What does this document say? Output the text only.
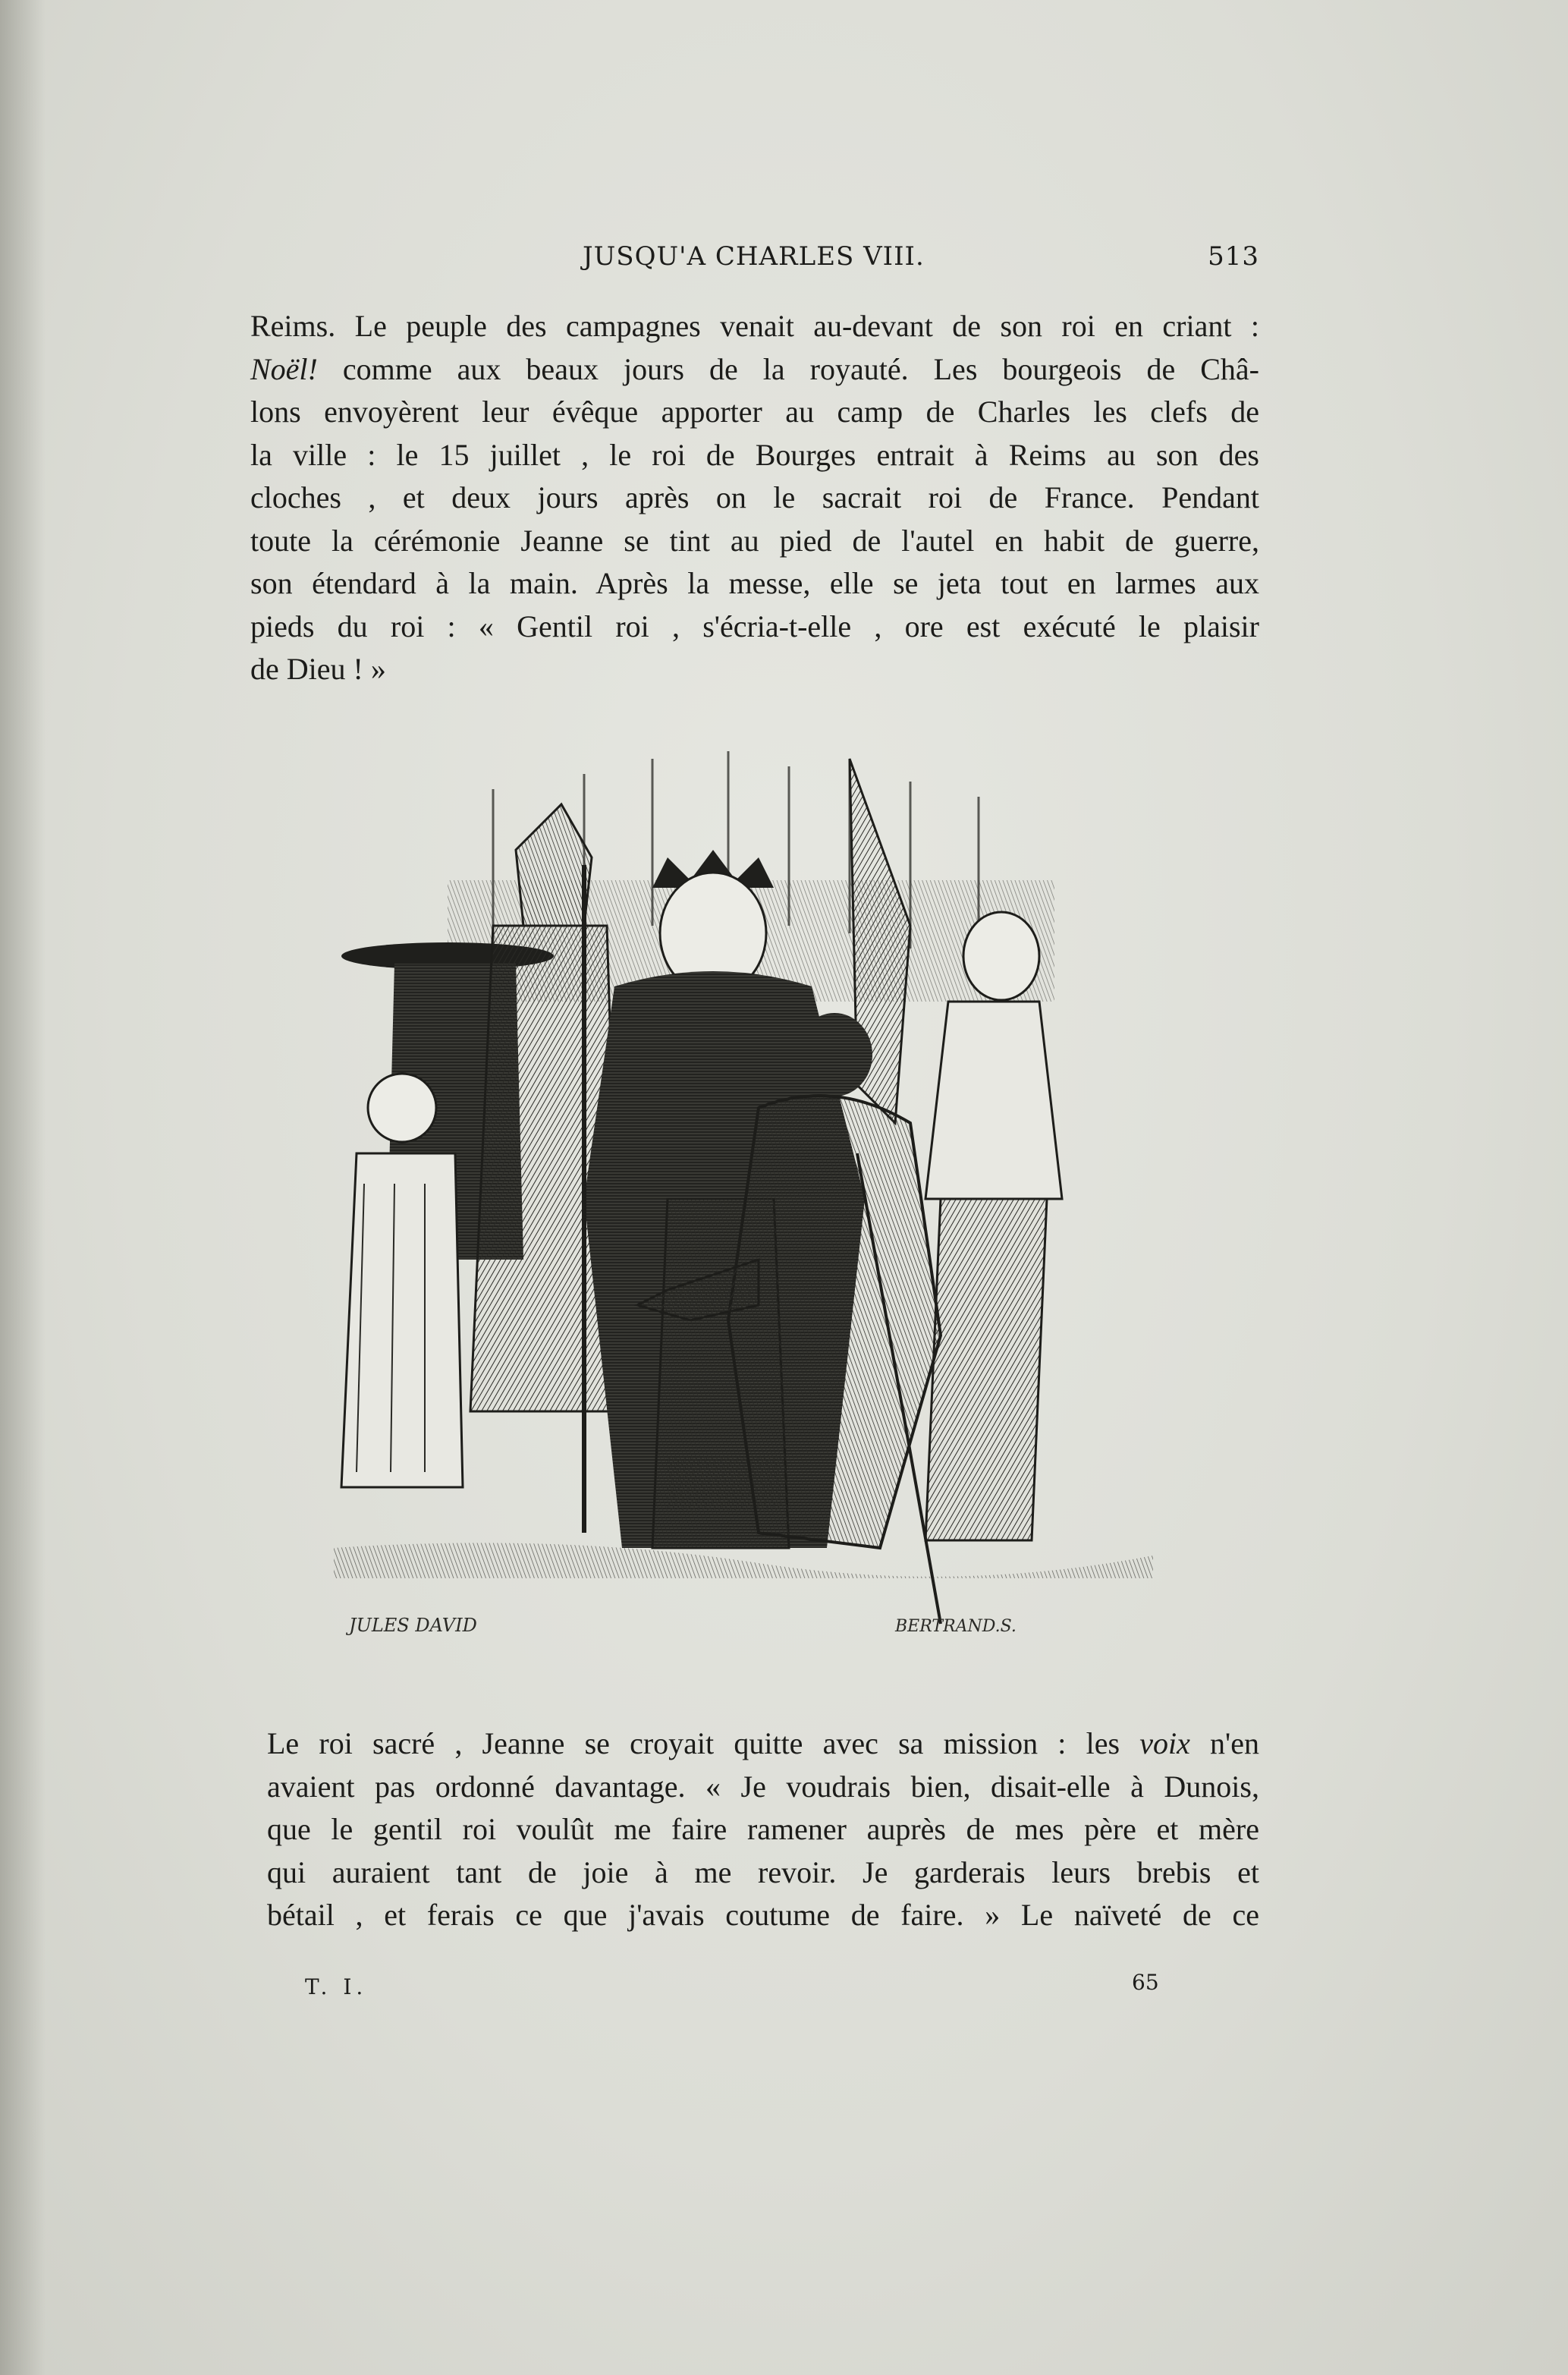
JUSQU'A CHARLES VIII.	513
Reims. Le peuple des campagnes venait au-devant de son roi en criant :
Noël! comme aux beaux jours de la royauté. Les bourgeois de Châ-
lons envoyèrent leur évêque apporter au camp de Charles les clefs de
la ville : le 15 juillet , le roi de Bourges entrait à Reims au son des
cloches , et deux jours après on le sacrait roi de France. Pendant
toute la cérémonie Jeanne se tint au pied de l'autel en habit de guerre,
son étendard à la main. Après la messe, elle se jeta tout en larmes aux
pieds du roi : « Gentil roi , s'écria-t-elle , ore est exécuté le plaisir
de Dieu ! »
JULES DAVID	BERTRAND.S.
Le roi sacré , Jeanne se croyait quitte avec sa mission : les voix n'en
avaient pas ordonné davantage. « Je voudrais bien, disait-elle à Dunois,
que le gentil roi voulût me faire ramener auprès de mes père et mère
qui auraient tant de joie à me revoir. Je garderais leurs brebis et
bétail , et ferais ce que j'avais coutume de faire. » Le naïveté de ce
T. I.	65
